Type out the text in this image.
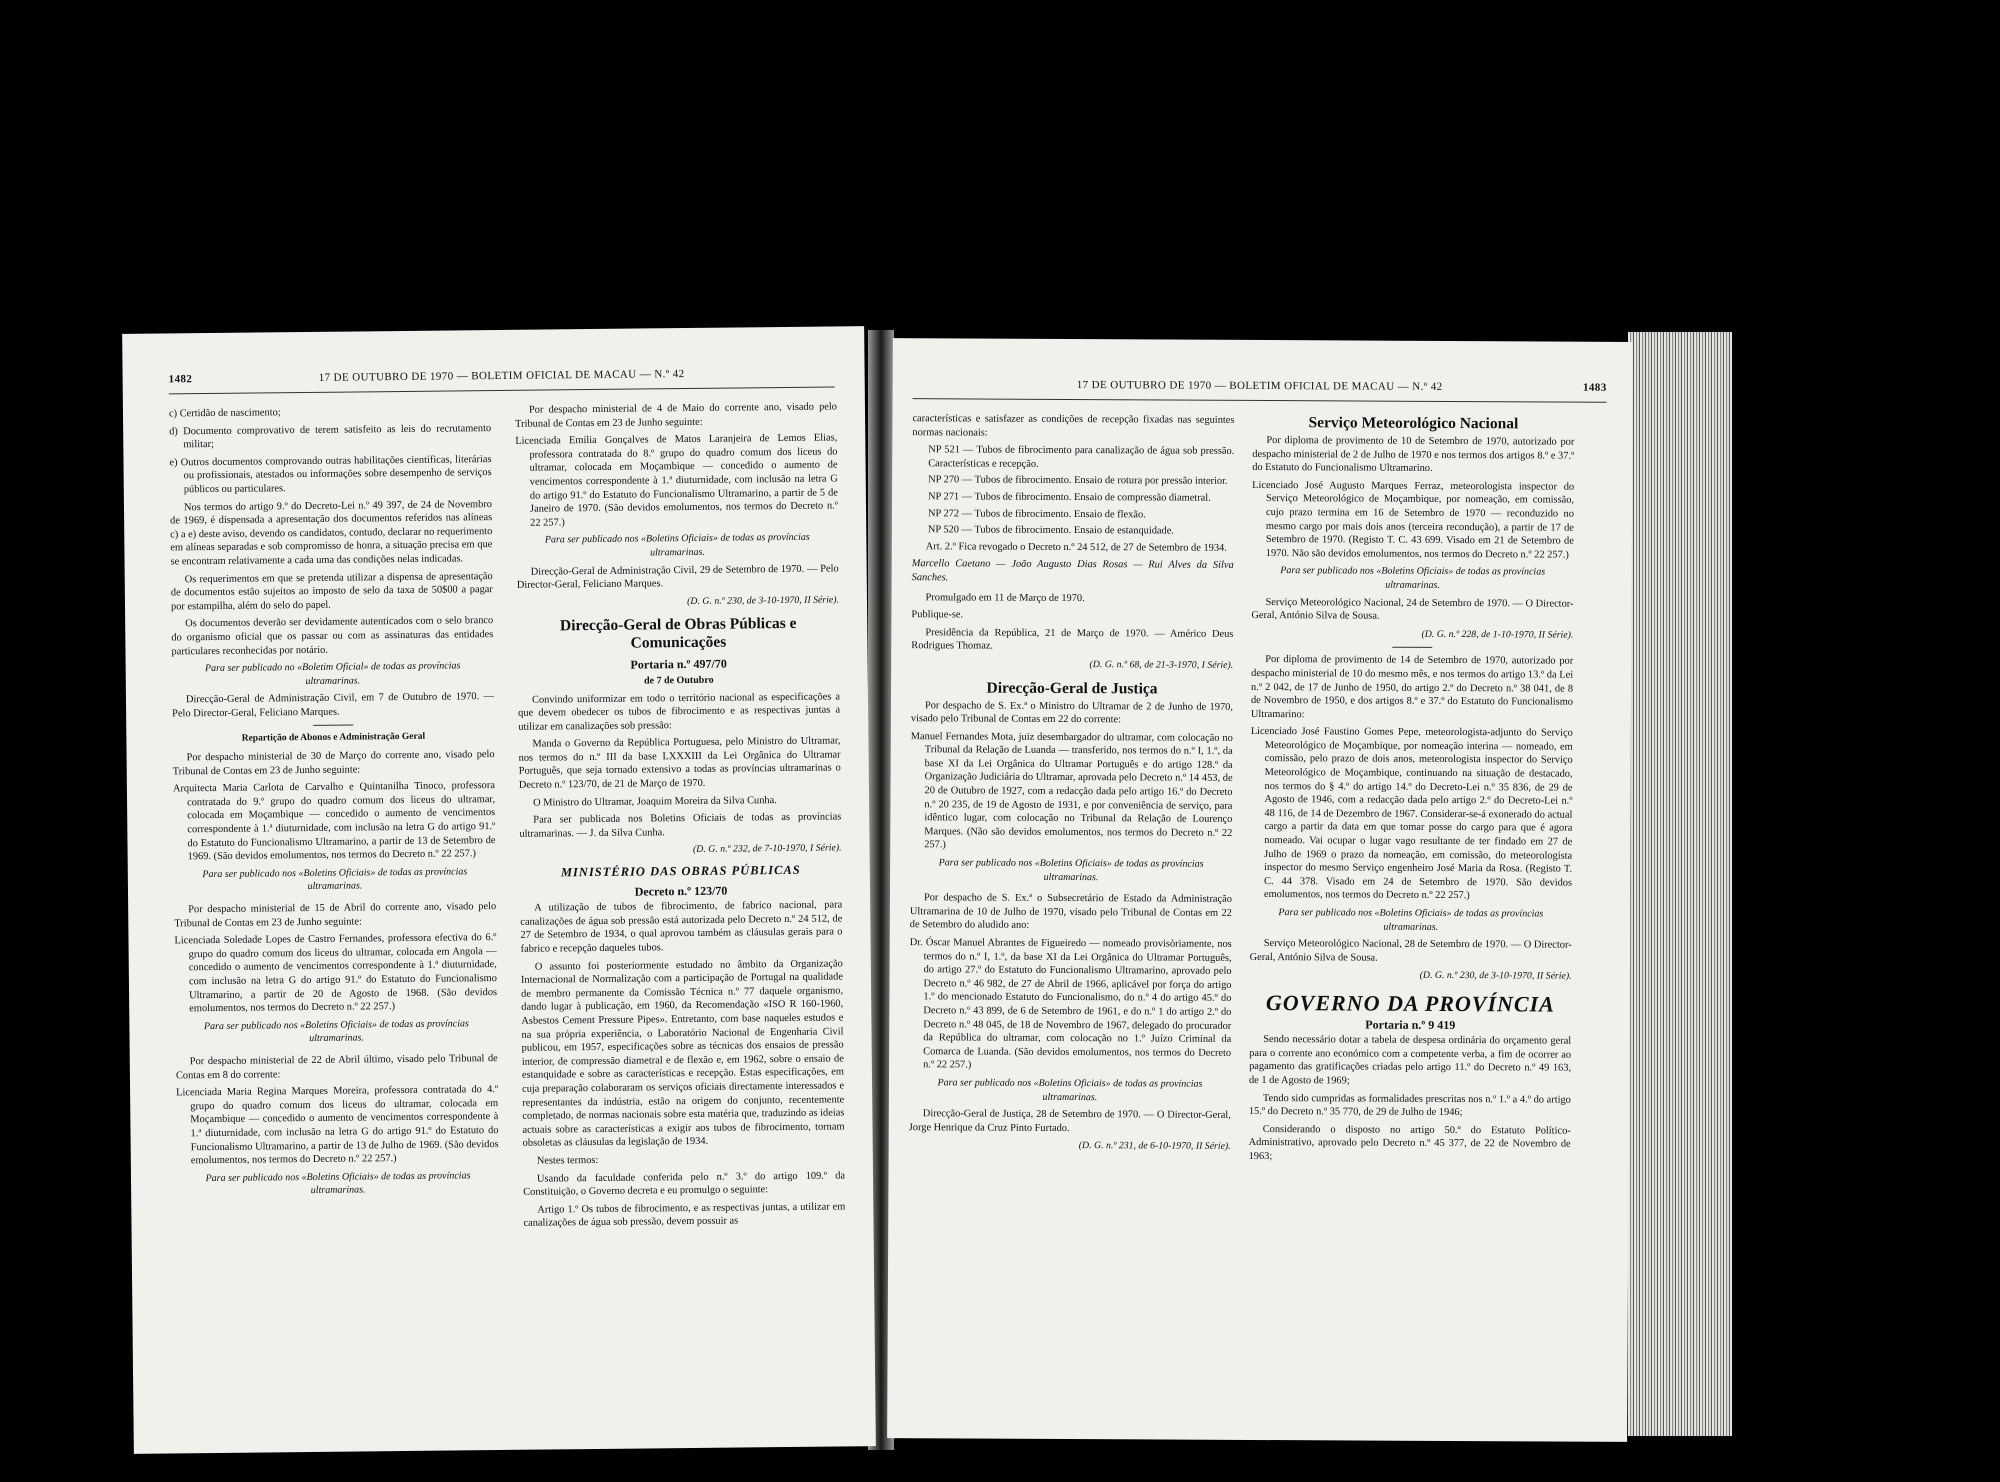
1482	17 DE OUTUBRO DE 1970 — BOLETIM OFICIAL DE MACAU — N.º 42

c) Certidão de nascimento;

d) Documento comprovativo de terem satisfeito as leis do recrutamento militar;

e) Outros documentos comprovando outras habilitações científicas, literárias ou profissionais, atestados ou informações sobre desempenho de serviços públicos ou particulares.

Nos termos do artigo 9.º do Decreto-Lei n.º 49 397, de 24 de Novembro de 1969, é dispensada a apresentação dos documentos referidos nas alíneas c) a e) deste aviso, devendo os candidatos, contudo, declarar no requerimento em alíneas separadas e sob compromisso de honra, a situação precisa em que se encontram relativamente a cada uma das condições nelas indicadas.

Os requerimentos em que se pretenda utilizar a dispensa de apresentação de documentos estão sujeitos ao imposto de selo da taxa de 50$00 a pagar por estampilha, além do selo do papel.

Os documentos deverão ser devidamente autenticados com o selo branco do organismo oficial que os passar ou com as assinaturas das entidades particulares reconhecidas por notário.

Para ser publicado no «Boletim Oficial» de todas as províncias ultramarinas.

Direcção-Geral de Administração Civil, em 7 de Outubro de 1970. — Pelo Director-Geral, Feliciano Marques.

Repartição de Abonos e Administração Geral

Por despacho ministerial de 30 de Março do corrente ano, visado pelo Tribunal de Contas em 23 de Junho seguinte:

Arquitecta Maria Carlota de Carvalho e Quintanilha Tinoco, professora contratada do 9.º grupo do quadro comum dos liceus do ultramar, colocada em Moçambique — concedido o aumento de vencimentos correspondente à 1.ª diuturnidade, com inclusão na letra G do artigo 91.º do Estatuto do Funcionalismo Ultramarino, a partir de 13 de Setembro de 1969. (São devidos emolumentos, nos termos do Decreto n.º 22 257.)

Para ser publicado nos «Boletins Oficiais» de todas as províncias ultramarinas.

Por despacho ministerial de 15 de Abril do corrente ano, visado pelo Tribunal de Contas em 23 de Junho seguinte:

Licenciada Soledade Lopes de Castro Fernandes, professora efectiva do 6.º grupo do quadro comum dos liceus do ultramar, colocada em Angola — concedido o aumento de vencimentos correspondente à 1.ª diuturnidade, com inclusão na letra G do artigo 91.º do Estatuto do Funcionalismo Ultramarino, a partir de 20 de Agosto de 1968. (São devidos emolumentos, nos termos do Decreto n.º 22 257.)

Para ser publicado nos «Boletins Oficiais» de todas as províncias ultramarinas.

Por despacho ministerial de 22 de Abril último, visado pelo Tribunal de Contas em 8 do corrente:

Licenciada Maria Regina Marques Moreira, professora contratada do 4.º grupo do quadro comum dos liceus do ultramar, colocada em Moçambique — concedido o aumento de vencimentos correspondente à 1.ª diuturnidade, com inclusão na letra G do artigo 91.º do Estatuto do Funcionalismo Ultramarino, a partir de 13 de Julho de 1969. (São devidos emolumentos, nos termos do Decreto n.º 22 257.)

Para ser publicado nos «Boletins Oficiais» de todas as províncias ultramarinas.

Por despacho ministerial de 4 de Maio do corrente ano, visado pelo Tribunal de Contas em 23 de Junho seguinte:

Licenciada Emília Gonçalves de Matos Laranjeira de Lemos Elias, professora contratada do 8.º grupo do quadro comum dos liceus do ultramar, colocada em Moçambique — concedido o aumento de vencimentos correspondente à 1.ª diuturnidade, com inclusão na letra G do artigo 91.º do Estatuto do Funcionalismo Ultramarino, a partir de 5 de Janeiro de 1970. (São devidos emolumentos, nos termos do Decreto n.º 22 257.)

Para ser publicado nos «Boletins Oficiais» de todas as províncias ultramarinas.

Direcção-Geral de Administração Civil, 29 de Setembro de 1970. — Pelo Director-Geral, Feliciano Marques.

(D. G. n.º 230, de 3-10-1970, II Série).

Direcção-Geral de Obras Públicas e Comunicações
Portaria n.º 497/70
de 7 de Outubro

Convindo uniformizar em todo o território nacional as especificações a que devem obedecer os tubos de fibrocimento e as respectivas juntas a utilizar em canalizações sob pressão:

Manda o Governo da República Portuguesa, pelo Ministro do Ultramar, nos termos do n.º III da base LXXXIII da Lei Orgânica do Ultramar Português, que seja tornado extensivo a todas as províncias ultramarinas o Decreto n.º 123/70, de 21 de Março de 1970.

O Ministro do Ultramar, Joaquim Moreira da Silva Cunha.

Para ser publicada nos Boletins Oficiais de todas as províncias ultramarinas. — J. da Silva Cunha.

(D. G. n.º 232, de 7-10-1970, I Série).

MINISTÉRIO DAS OBRAS PÚBLICAS
Decreto n.º 123/70

A utilização de tubos de fibrocimento, de fabrico nacional, para canalizações de água sob pressão está autorizada pelo Decreto n.º 24 512, de 27 de Setembro de 1934, o qual aprovou também as cláusulas gerais para o fabrico e recepção daqueles tubos.

O assunto foi posteriormente estudado no âmbito da Organização Internacional de Normalização com a participação de Portugal na qualidade de membro permanente da Comissão Técnica n.º 77 daquele organismo, dando lugar à publicação, em 1960, da Recomendação «ISO R 160-1960, Asbestos Cement Pressure Pipes». Entretanto, com base naqueles estudos e na sua própria experiência, o Laboratório Nacional de Engenharia Civil publicou, em 1957, especificações sobre as técnicas dos ensaios de pressão interior, de compressão diametral e de flexão e, em 1962, sobre o ensaio de estanquidade e sobre as características e recepção. Estas especificações, em cuja preparação colaboraram os serviços oficiais directamente interessados e representantes da indústria, estão na origem do conjunto, recentemente completado, de normas nacionais sobre esta matéria que, traduzindo as ideias actuais sobre as características a exigir aos tubos de fibrocimento, tornam obsoletas as cláusulas da legislação de 1934.

Nestes termos:

Usando da faculdade conferida pelo n.º 3.º do artigo 109.º da Constituição, o Governo decreta e eu promulgo o seguinte:

Artigo 1.º Os tubos de fibrocimento, e as respectivas juntas, a utilizar em canalizações de água sob pressão, devem possuir as

17 DE OUTUBRO DE 1970 — BOLETIM OFICIAL DE MACAU — N.º 42	1483

características e satisfazer as condições de recepção fixadas nas seguintes normas nacionais:

NP 521 — Tubos de fibrocimento para canalização de água sob pressão. Características e recepção.

NP 270 — Tubos de fibrocimento. Ensaio de rotura por pressão interior.

NP 271 — Tubos de fibrocimento. Ensaio de compressão diametral.

NP 272 — Tubos de fibrocimento. Ensaio de flexão.

NP 520 — Tubos de fibrocimento. Ensaio de estanquidade.

Art. 2.º Fica revogado o Decreto n.º 24 512, de 27 de Setembro de 1934.

Marcello Caetano — João Augusto Dias Rosas — Rui Alves da Silva Sanches.

Promulgado em 11 de Março de 1970.

Publique-se.

Presidência da República, 21 de Março de 1970. — Américo Deus Rodrigues Thomaz.

(D. G. n.º 68, de 21-3-1970, I Série).

Direcção-Geral de Justiça

Por despacho de S. Ex.ª o Ministro do Ultramar de 2 de Junho de 1970, visado pelo Tribunal de Contas em 22 do corrente:

Manuel Fernandes Mota, juiz desembargador do ultramar, com colocação no Tribunal da Relação de Luanda — transferido, nos termos do n.º I, 1.º, da base XI da Lei Orgânica do Ultramar Português e do artigo 128.º da Organização Judiciária do Ultramar, aprovada pelo Decreto n.º 14 453, de 20 de Outubro de 1927, com a redacção dada pelo artigo 16.º do Decreto n.º 20 235, de 19 de Agosto de 1931, e por conveniência de serviço, para idêntico lugar, com colocação no Tribunal da Relação de Lourenço Marques. (Não são devidos emolumentos, nos termos do Decreto n.º 22 257.)

Para ser publicado nos «Boletins Oficiais» de todas as províncias ultramarinas.

Por despacho de S. Ex.ª o Subsecretário de Estado da Administração Ultramarina de 10 de Julho de 1970, visado pelo Tribunal de Contas em 22 de Setembro do aludido ano:

Dr. Óscar Manuel Abrantes de Figueiredo — nomeado provisòriamente, nos termos do n.º I, 1.º, da base XI da Lei Orgânica do Ultramar Português, do artigo 27.º do Estatuto do Funcionalismo Ultramarino, aprovado pelo Decreto n.º 46 982, de 27 de Abril de 1966, aplicável por força do artigo 1.º do mencionado Estatuto do Funcionalismo, do n.º 4 do artigo 45.º do Decreto n.º 43 899, de 6 de Setembro de 1961, e do n.º 1 do artigo 2.º do Decreto n.º 48 045, de 18 de Novembro de 1967, delegado do procurador da República do ultramar, com colocação no 1.º Juízo Criminal da Comarca de Luanda. (São devidos emolumentos, nos termos do Decreto n.º 22 257.)

Para ser publicado nos «Boletins Oficiais» de todas as províncias ultramarinas.

Direcção-Geral de Justiça, 28 de Setembro de 1970. — O Director-Geral, Jorge Henrique da Cruz Pinto Furtado.

(D. G. n.º 231, de 6-10-1970, II Série).

Serviço Meteorológico Nacional

Por diploma de provimento de 10 de Setembro de 1970, autorizado por despacho ministerial de 2 de Julho de 1970 e nos termos dos artigos 8.º e 37.º do Estatuto do Funcionalismo Ultramarino.

Licenciado José Augusto Marques Ferraz, meteorologista inspector do Serviço Meteorológico de Moçambique, por nomeação, em comissão, cujo prazo termina em 16 de Setembro de 1970 — reconduzido no mesmo cargo por mais dois anos (terceira recondução), a partir de 17 de Setembro de 1970. (Registo T. C. 43 699. Visado em 21 de Setembro de 1970. Não são devidos emolumentos, nos termos do Decreto n.º 22 257.)

Para ser publicado nos «Boletins Oficiais» de todas as províncias ultramarinas.

Serviço Meteorológico Nacional, 24 de Setembro de 1970. — O Director-Geral, António Silva de Sousa.

(D. G. n.º 228, de 1-10-1970, II Série).

Por diploma de provimento de 14 de Setembro de 1970, autorizado por despacho ministerial de 10 do mesmo mês, e nos termos do artigo 13.º da Lei n.º 2 042, de 17 de Junho de 1950, do artigo 2.º do Decreto n.º 38 041, de 8 de Novembro de 1950, e dos artigos 8.º e 37.º do Estatuto do Funcionalismo Ultramarino:

Licenciado José Faustino Gomes Pepe, meteorologista-adjunto do Serviço Meteorológico de Moçambique, por nomeação interina — nomeado, em comissão, pelo prazo de dois anos, meteorologista inspector do Serviço Meteorológico de Moçambique, continuando na situação de destacado, nos termos do § 4.º do artigo 14.º do Decreto-Lei n.º 35 836, de 29 de Agosto de 1946, com a redacção dada pelo artigo 2.º do Decreto-Lei n.º 48 116, de 14 de Dezembro de 1967. Considerar-se-á exonerado do actual cargo a partir da data em que tomar posse do cargo para que é agora nomeado. Vai ocupar o lugar vago resultante de ter findado em 27 de Julho de 1969 o prazo da nomeação, em comissão, do meteorologista inspector do mesmo Serviço engenheiro José Maria da Rosa. (Registo T. C. 44 378. Visado em 24 de Setembro de 1970. São devidos emolumentos, nos termos do Decreto n.º 22 257.)

Para ser publicado nos «Boletins Oficiais» de todas as províncias ultramarinas.

Serviço Meteorológico Nacional, 28 de Setembro de 1970. — O Director-Geral, António Silva de Sousa.

(D. G. n.º 230, de 3-10-1970, II Série).

GOVERNO DA PROVÍNCIA
Portaria n.º 9 419

Sendo necessário dotar a tabela de despesa ordinária do orçamento geral para o corrente ano económico com a competente verba, a fim de ocorrer ao pagamento das gratificações criadas pelo artigo 11.º do Decreto n.º 49 163, de 1 de Agosto de 1969;

Tendo sido cumpridas as formalidades prescritas nos n.º 1.º a 4.º do artigo 15.º do Decreto n.º 35 770, de 29 de Julho de 1946;

Considerando o disposto no artigo 50.º do Estatuto Político-Administrativo, aprovado pelo Decreto n.º 45 377, de 22 de Novembro de 1963;
